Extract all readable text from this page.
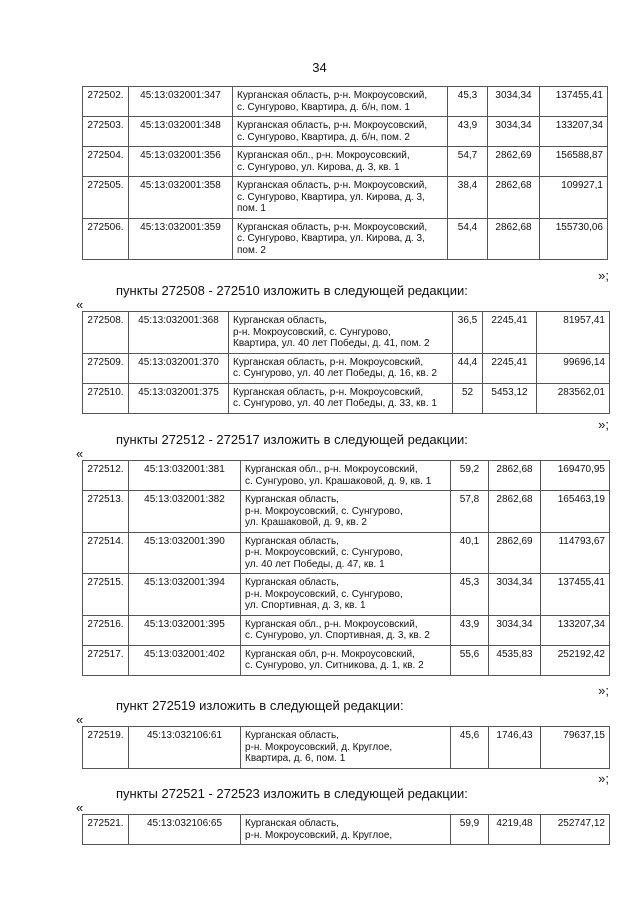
34
272502.	45:13:032001:347	Курганская область, р-н. Мокроусовский,
с. Сунгурово, Квартира, д. б/н, пом. 1	45,3	3034,34	137455,41
272503.	45:13:032001:348	Курганская область, р-н. Мокроусовский,
с. Сунгурово, Квартира, д. б/н, пом. 2	43,9	3034,34	133207,34
272504.	45:13:032001:356	Курганская обл., р-н. Мокроусовский,
с. Сунгурово, ул. Кирова, д. 3, кв. 1	54,7	2862,69	156588,87
272505.	45:13:032001:358	Курганская область, р-н. Мокроусовский,
с. Сунгурово, Квартира, ул. Кирова, д. 3,
пом. 1	38,4	2862,68	109927,1
272506.	45:13:032001:359	Курганская область, р-н. Мокроусовский,
с. Сунгурово, Квартира, ул. Кирова, д. 3,
пом. 2	54,4	2862,68	155730,06
»;
пункты 272508 - 272510 изложить в следующей редакции:
«
272508.	45:13:032001:368	Курганская область,
р-н. Мокроусовский, с. Сунгурово,
Квартира, ул. 40 лет Победы, д. 41, пом. 2	36,5	2245,41	81957,41
272509.	45:13:032001:370	Курганская область, р-н. Мокроусовский,
с. Сунгурово, ул. 40 лет Победы, д. 16, кв. 2	44,4	2245,41	99696,14
272510.	45:13:032001:375	Курганская область, р-н. Мокроусовский,
с. Сунгурово, ул. 40 лет Победы, д. 33, кв. 1	52	5453,12	283562,01
»;
пункты 272512 - 272517 изложить в следующей редакции:
«
272512.	45:13:032001:381	Курганская обл., р-н. Мокроусовский,
с. Сунгурово, ул. Крашаковой, д. 9, кв. 1	59,2	2862,68	169470,95
272513.	45:13:032001:382	Курганская область,
р-н. Мокроусовский, с. Сунгурово,
ул. Крашаковой, д. 9, кв. 2	57,8	2862,68	165463,19
272514.	45:13:032001:390	Курганская область,
р-н. Мокроусовский, с. Сунгурово,
ул. 40 лет Победы, д. 47, кв. 1	40,1	2862,69	114793,67
272515.	45:13:032001:394	Курганская область,
р-н. Мокроусовский, с. Сунгурово,
ул. Спортивная, д. 3, кв. 1	45,3	3034,34	137455,41
272516.	45:13:032001:395	Курганская обл., р-н. Мокроусовский,
с. Сунгурово, ул. Спортивная, д. 3, кв. 2	43,9	3034,34	133207,34
272517.	45:13:032001:402	Курганская обл, р-н. Мокроусовский,
с. Сунгурово, ул. Ситникова, д. 1, кв. 2	55,6	4535,83	252192,42
»;
пункт 272519 изложить в следующей редакции:
«
272519.	45:13:032106:61	Курганская область,
р-н. Мокроусовский, д. Круглое,
Квартира, д. 6, пом. 1
	45,6	1746,43	79637,15
»;
пункты 272521 - 272523 изложить в следующей редакции:
«
272521.	45:13:032106:65	Курганская область,
р-н. Мокроусовский, д. Круглое,
	59,9	4219,48	252747,12
